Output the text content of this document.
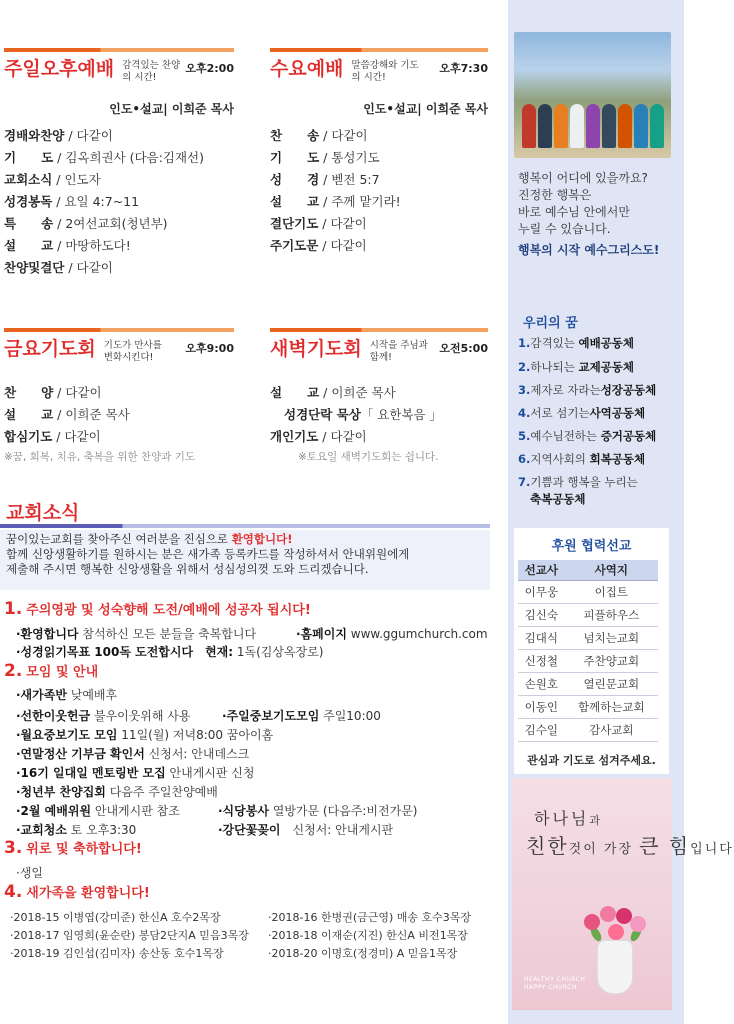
주일오후예배 감격있는 찬양의 시간!
오후2:00
인도•설교| 이희준 목사
경배와찬양 / 다같이
기　　도 / 김옥희권사 (다음:김재선)
교회소식 / 인도자
성경봉독 / 요일 4:7~11
특　　송 / 2여선교회(청년부)
설　　교 / 마땅하도다!
찬양및결단 / 다같이
수요예배 말씀강해와 기도의 시간!
오후7:30
인도•설교| 이희준 목사
찬　　송 / 다같이
기　　도 / 통성기도
성　　경 / 벧전 5:7
설　　교 / 주께 맡기라!
결단기도 / 다같이
주기도문 / 다같이
금요기도회 기도가 만사를 변화시킨다!
오후9:00
찬　　양 / 다같이
설　　교 / 이희준 목사
합심기도 / 다같이
※꿈, 회복, 치유, 축복을 위한 찬양과 기도
새벽기도회 시작을 주님과 함께!
오전5:00
설　　교 / 이희준 목사
성경단락 묵상「 요한복음 」
개인기도 / 다같이
※토요일 새벽기도회는 쉽니다.
교회소식
꿈이있는교회를 찾아주신 여러분을 진심으로 환영합니다!
함께 신앙생활하기를 원하시는 분은 새가족 등록카드를 작성하셔서 안내위원에게
제출해 주시면 행복한 신앙생활을 위해서 성심성의껏 도와 드리겠습니다.
1. 주의영광 및 성숙향해 도전/예배에 성공자 됩시다!
·환영합니다 참석하신 모든 분들을 축복합니다	·홈페이지 www.ggumchurch.com
·성경읽기목표 100독 도전합시다　현재: 1독(김상옥장로)
2. 모임 및 안내
·새가족반 낮예배후
·선한이웃헌금 불우이웃위해 사용	·주일중보기도모임 주일10:00
·월요중보기도 모임 11일(월) 저녁8:00 꿈아이홈
·연말정산 기부금 확인서 신청서: 안내데스크
·16기 일대일 멘토링반 모집 안내게시판 신청
·청년부 찬양집회 다음주 주일찬양예배
·2월 예배위원 안내게시판 참조	·식당봉사 열방가문 (다음주:비전가문)
·교회청소 토 오후3:30	·강단꽃꽂이　신청서: 안내게시판
3. 위로 및 축하합니다!
·생일
4. 새가족을 환영합니다!
·2018-15 이병엽(강미준) 한신A 호수2목장	·2018-16 한병권(금근영) 매송 호수3목장
·2018-17 임영희(윤순란) 봉담2단지A 믿음3목장 ·2018-18 이재순(지진) 한신A 비전1목장
·2018-19 김인섭(김미자) 송산동 호수1목장	·2018-20 이명호(정경미) A 믿음1목장
행복이 어디에 있을까요?
진정한 행복은
바로 예수님 안에서만
누릴 수 있습니다.
행복의 시작 예수그리스도!
우리의 꿈
1.감격있는 예배공동체
2.하나되는 교제공동체
3.제자로 자라는성장공동체
4.서로 섬기는사역공동체
5.예수님전하는 증거공동체
6.지역사회의 회복공동체
7.기쁨과 행복을 누리는
축복공동체
후원 협력선교
선교사	사역지
이무웅	이집트
김신숙	피플하우스
김대식	넘치는교회
신정철	주찬양교회
손원호	열린문교회
이동인	함께하는교회
김수일	감사교회
관심과 기도로 섬겨주세요.
하나님과
친한것이 가장 큰 힘입니다
HEALTHY CHURCH
HAPPY CHURCH
